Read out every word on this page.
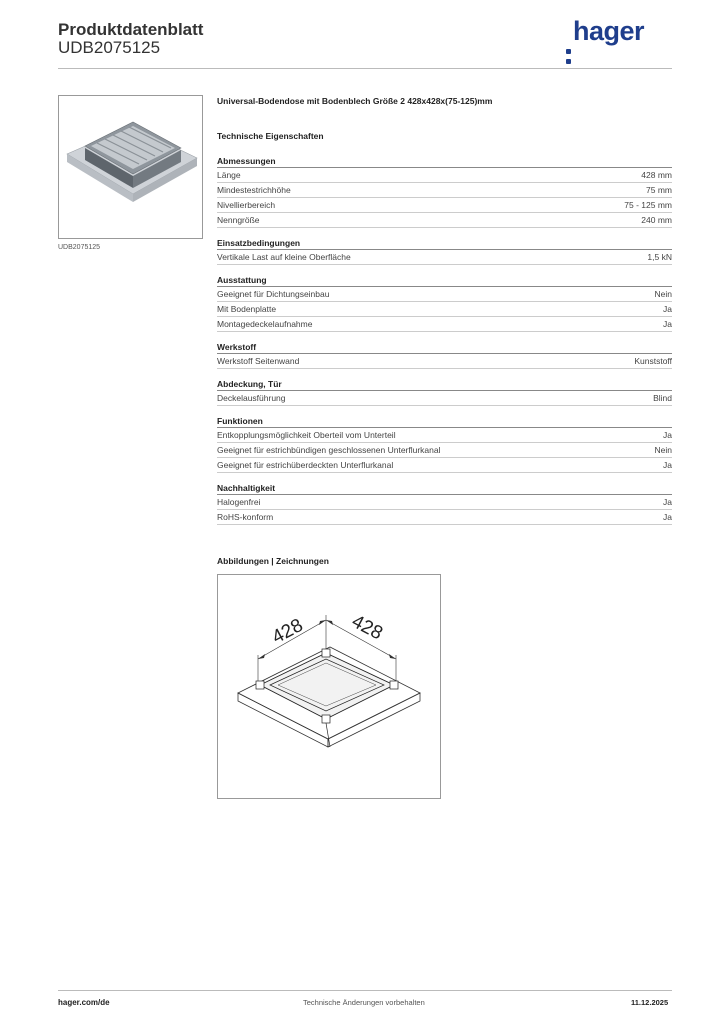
Produktdatenblatt
UDB2075125
hager
UDB2075125
Universal-Bodendose mit Bodenblech Größe 2 428x428x(75-125)mm
Technische Eigenschaften
Abmessungen
Länge	428 mm
Mindestestrichhöhe	75 mm
Nivellierbereich	75 - 125 mm
Nenngröße	240 mm
Einsatzbedingungen
Vertikale Last auf kleine Oberfläche	1,5 kN
Ausstattung
Geeignet für Dichtungseinbau	Nein
Mit Bodenplatte	Ja
Montagedeckelaufnahme	Ja
Werkstoff
Werkstoff Seitenwand	Kunststoff
Abdeckung, Tür
Deckelausführung	Blind
Funktionen
Entkopplungsmöglichkeit Oberteil vom Unterteil	Ja
Geeignet für estrichbündigen geschlossenen Unterflurkanal	Nein
Geeignet für estrichüberdeckten Unterflurkanal	Ja
Nachhaltigkeit
Halogenfrei	Ja
RoHS-konform	Ja
Abbildungen | Zeichnungen
428 428
hager.com/de	Technische Änderungen vorbehalten	11.12.2025
